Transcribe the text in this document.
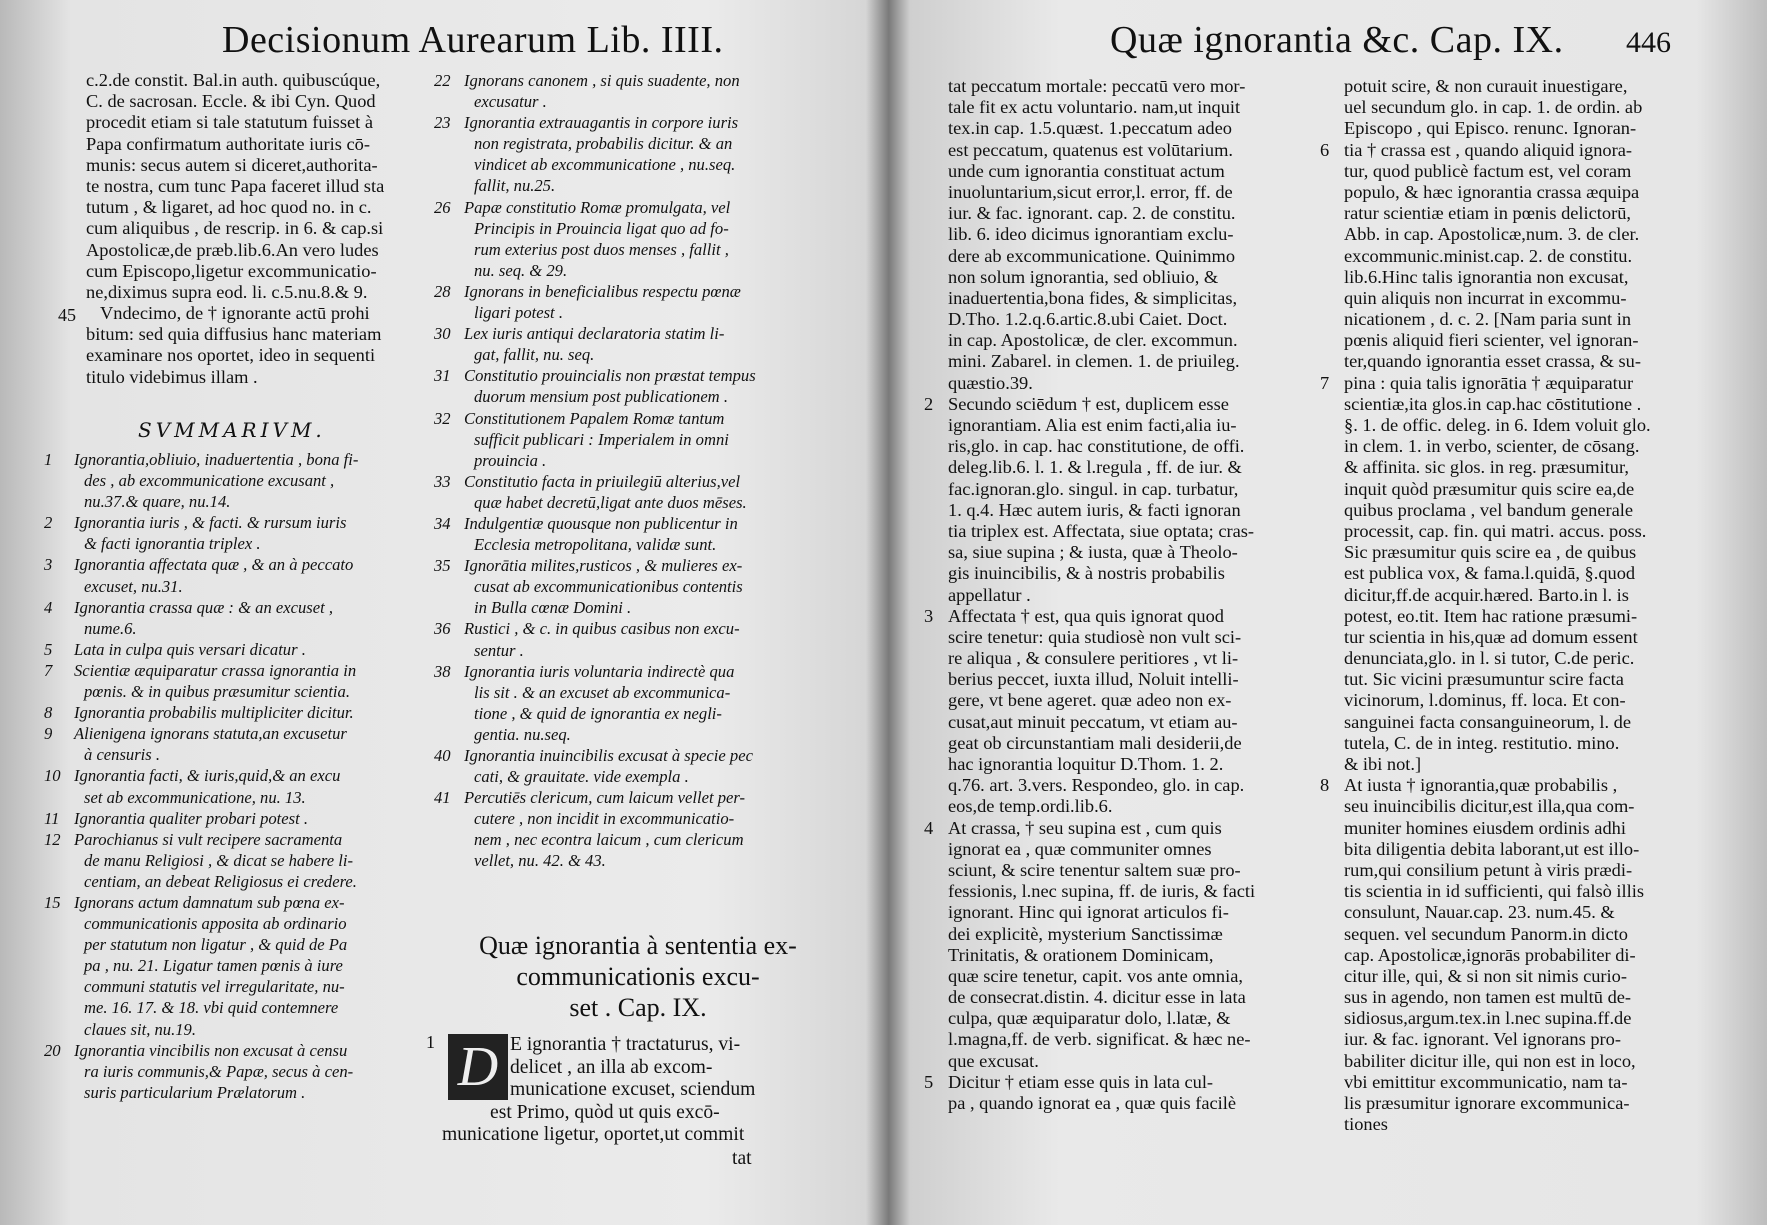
Decisionum Aurearum Lib. IIII.
c.2.de constit. Bal.in auth. quibuscúque,
C. de sacrosan. Eccle. & ibi Cyn. Quod
procedit etiam si tale statutum fuisset à
Papa confirmatum authoritate iuris cō-
munis: secus autem si diceret,authorita-
te nostra, cum tunc Papa faceret illud sta
tutum , & ligaret, ad hoc quod no. in c.
cum aliquibus , de rescrip. in 6. & cap.si
Apostolicæ,de præb.lib.6.An vero ludes
cum Episcopo,ligetur excommunicatio-
ne,diximus supra eod. li. c.5.nu.8.& 9.
Vndecimo, de † ignorante actū prohi
bitum: sed quia diffusius hanc materiam
examinare nos oportet, ideo in sequenti
titulo videbimus illam .
45
SVMMARIVM.
1 Ignorantia,obliuio, inaduertentia , bona fi-
des , ab excommunicatione excusant ,
nu.37.& quare, nu.14.
2 Ignorantia iuris , & facti. & rursum iuris
& facti ignorantia triplex .
3 Ignorantia affectata quæ , & an à peccato
excuset, nu.31.
4 Ignorantia crassa quæ : & an excuset ,
nume.6.
5 Lata in culpa quis versari dicatur .
7 Scientiæ æquiparatur crassa ignorantia in
pœnis. & in quibus præsumitur scientia.
8 Ignorantia probabilis multipliciter dicitur.
9 Alienigena ignorans statuta,an excusetur
à censuris .
10 Ignorantia facti, & iuris,quid,& an excu
set ab excommunicatione, nu. 13.
11 Ignorantia qualiter probari potest .
12 Parochianus si vult recipere sacramenta
de manu Religiosi , & dicat se habere li-
centiam, an debeat Religiosus ei credere.
15 Ignorans actum damnatum sub pœna ex-
communicationis apposita ab ordinario
per statutum non ligatur , & quid de Pa
pa , nu. 21. Ligatur tamen pœnis à iure
communi statutis vel irregularitate, nu-
me. 16. 17. & 18. vbi quid contemnere
claues sit, nu.19.
20 Ignorantia vincibilis non excusat à censu
ra iuris communis,& Papæ, secus à cen-
suris particularium Prælatorum .
22 Ignorans canonem , si quis suadente, non
excusatur .
23 Ignorantia extrauagantis in corpore iuris
non registrata, probabilis dicitur. & an
vindicet ab excommunicatione , nu.seq.
fallit, nu.25.
26 Papæ constitutio Romæ promulgata, vel
Principis in Prouincia ligat quo ad fo-
rum exterius post duos menses , fallit ,
nu. seq. & 29.
28 Ignorans in beneficialibus respectu pœnæ
ligari potest .
30 Lex iuris antiqui declaratoria statim li-
gat, fallit, nu. seq.
31 Constitutio prouincialis non præstat tempus
duorum mensium post publicationem .
32 Constitutionem Papalem Romæ tantum
sufficit publicari : Imperialem in omni
prouincia .
33 Constitutio facta in priuilegiū alterius,vel
quæ habet decretū,ligat ante duos mēses.
34 Indulgentiæ quousque non publicentur in
Ecclesia metropolitana, validæ sunt.
35 Ignorātia milites,rusticos , & mulieres ex-
cusat ab excommunicationibus contentis
in Bulla cœnæ Domini .
36 Rustici , & c. in quibus casibus non excu-
sentur .
38 Ignorantia iuris voluntaria indirectè qua
lis sit . & an excuset ab excommunica-
tione , & quid de ignorantia ex negli-
gentia. nu.seq.
40 Ignorantia inuincibilis excusat à specie pec
cati, & grauitate. vide exempla .
41 Percutiēs clericum, cum laicum vellet per-
cutere , non incidit in excommunicatio-
nem , nec econtra laicum , cum clericum
vellet, nu. 42. & 43.
Quæ ignorantia à sententia ex-
communicationis excu-
set . Cap. IX.
1 D E ignorantia † tractaturus, vi-
delicet , an illa ab excom-
municatione excuset, sciendum
est Primo, quòd ut quis excō-
municatione ligetur, oportet,ut commit
tat
Quæ ignorantia &c. Cap. IX. 446
tat peccatum mortale: peccatū vero mor-
tale fit ex actu voluntario. nam,ut inquit
tex.in cap. 1.5.quæst. 1.peccatum adeo
est peccatum, quatenus est volūtarium.
unde cum ignorantia constituat actum
inuoluntarium,sicut error,l. error, ff. de
iur. & fac. ignorant. cap. 2. de constitu.
lib. 6. ideo dicimus ignorantiam exclu-
dere ab excommunicatione. Quinimmo
non solum ignorantia, sed obliuio, &
inaduertentia,bona fides, & simplicitas,
D.Tho. 1.2.q.6.artic.8.ubi Caiet. Doct.
in cap. Apostolicæ, de cler. excommun.
mini. Zabarel. in clemen. 1. de priuileg.
quæstio.39.
2 Secundo sciēdum † est, duplicem esse
ignorantiam. Alia est enim facti,alia iu-
ris,glo. in cap. hac constitutione, de offi.
deleg.lib.6. l. 1. & l.regula , ff. de iur. &
fac.ignoran.glo. singul. in cap. turbatur,
1. q.4. Hæc autem iuris, & facti ignoran
tia triplex est. Affectata, siue optata; cras-
sa, siue supina ; & iusta, quæ à Theolo-
gis inuincibilis, & à nostris probabilis
appellatur .
3 Affectata † est, qua quis ignorat quod
scire tenetur: quia studiosè non vult sci-
re aliqua , & consulere peritiores , vt li-
berius peccet, iuxta illud, Noluit intelli-
gere, vt bene ageret. quæ adeo non ex-
cusat,aut minuit peccatum, vt etiam au-
geat ob circunstantiam mali desiderii,de
hac ignorantia loquitur D.Thom. 1. 2.
q.76. art. 3.vers. Respondeo, glo. in cap.
eos,de temp.ordi.lib.6.
4 At crassa, † seu supina est , cum quis
ignorat ea , quæ communiter omnes
sciunt, & scire tenentur saltem suæ pro-
fessionis, l.nec supina, ff. de iuris, & facti
ignorant. Hinc qui ignorat articulos fi-
dei explicitè, mysterium Sanctissimæ
Trinitatis, & orationem Dominicam,
quæ scire tenetur, capit. vos ante omnia,
de consecrat.distin. 4. dicitur esse in lata
culpa, quæ æquiparatur dolo, l.latæ, &
l.magna,ff. de verb. significat. & hæc ne-
que excusat.
5 Dicitur † etiam esse quis in lata cul-
pa , quando ignorat ea , quæ quis facilè
potuit scire, & non curauit inuestigare,
uel secundum glo. in cap. 1. de ordin. ab
Episcopo , qui Episco. renunc. Ignoran-
6 tia † crassa est , quando aliquid ignora-
tur, quod publicè factum est, vel coram
populo, & hæc ignorantia crassa æquipa
ratur scientiæ etiam in pœnis delictorū,
Abb. in cap. Apostolicæ,num. 3. de cler.
excommunic.minist.cap. 2. de constitu.
lib.6.Hinc talis ignorantia non excusat,
quin aliquis non incurrat in excommu-
nicationem , d. c. 2. [Nam paria sunt in
pœnis aliquid fieri scienter, vel ignoran-
ter,quando ignorantia esset crassa, & su-
7 pina : quia talis ignorātia † æquiparatur
scientiæ,ita glos.in cap.hac cōstitutione .
§. 1. de offic. deleg. in 6. Idem voluit glo.
in clem. 1. in verbo, scienter, de cōsang.
& affinita. sic glos. in reg. præsumitur,
inquit quòd præsumitur quis scire ea,de
quibus proclama , vel bandum generale
processit, cap. fin. qui matri. accus. poss.
Sic præsumitur quis scire ea , de quibus
est publica vox, & fama.l.quidā, §.quod
dicitur,ff.de acquir.hæred. Barto.in l. is
potest, eo.tit. Item hac ratione præsumi-
tur scientia in his,quæ ad domum essent
denunciata,glo. in l. si tutor, C.de peric.
tut. Sic vicini præsumuntur scire facta
vicinorum, l.dominus, ff. loca. Et con-
sanguinei facta consanguineorum, l. de
tutela, C. de in integ. restitutio. mino.
& ibi not.]
8 At iusta † ignorantia,quæ probabilis ,
seu inuincibilis dicitur,est illa,qua com-
muniter homines eiusdem ordinis adhi
bita diligentia debita laborant,ut est illo-
rum,qui consilium petunt à viris prædi-
tis scientia in id sufficienti, qui falsò illis
consulunt, Nauar.cap. 23. num.45. &
sequen. vel secundum Panorm.in dicto
cap. Apostolicæ,ignorās probabiliter di-
citur ille, qui, & si non sit nimis curio-
sus in agendo, non tamen est multū de-
sidiosus,argum.tex.in l.nec supina.ff.de
iur. & fac. ignorant. Vel ignorans pro-
babiliter dicitur ille, qui non est in loco,
vbi emittitur excommunicatio, nam ta-
lis præsumitur ignorare excommunica-
tiones
